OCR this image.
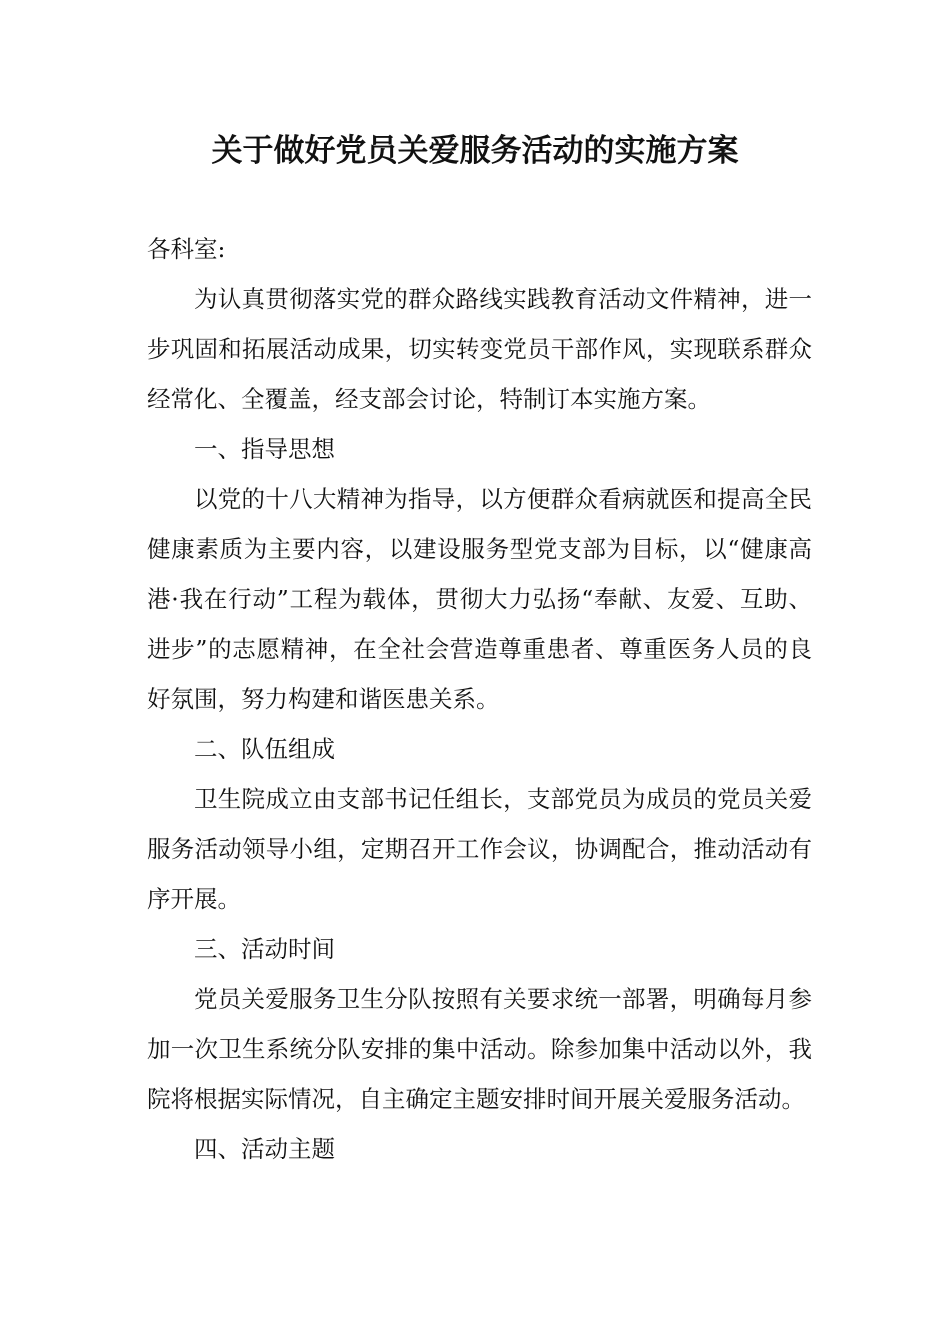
关于做好党员关爱服务活动的实施方案

各科室:

为认真贯彻落实党的群众路线实践教育活动文件精神，进一步巩固和拓展活动成果，切实转变党员干部作风，实现联系群众经常化、全覆盖，经支部会讨论，特制订本实施方案。

一、指导思想

以党的十八大精神为指导，以方便群众看病就医和提高全民健康素质为主要内容，以建设服务型党支部为目标，以“健康高港·我在行动”工程为载体，贯彻大力弘扬“奉献、友爱、互助、进步”的志愿精神，在全社会营造尊重患者、尊重医务人员的良好氛围，努力构建和谐医患关系。

二、队伍组成

卫生院成立由支部书记任组长，支部党员为成员的党员关爱服务活动领导小组，定期召开工作会议，协调配合，推动活动有序开展。

三、活动时间

党员关爱服务卫生分队按照有关要求统一部署，明确每月参加一次卫生系统分队安排的集中活动。除参加集中活动以外，我院将根据实际情况，自主确定主题安排时间开展关爱服务活动。

四、活动主题
